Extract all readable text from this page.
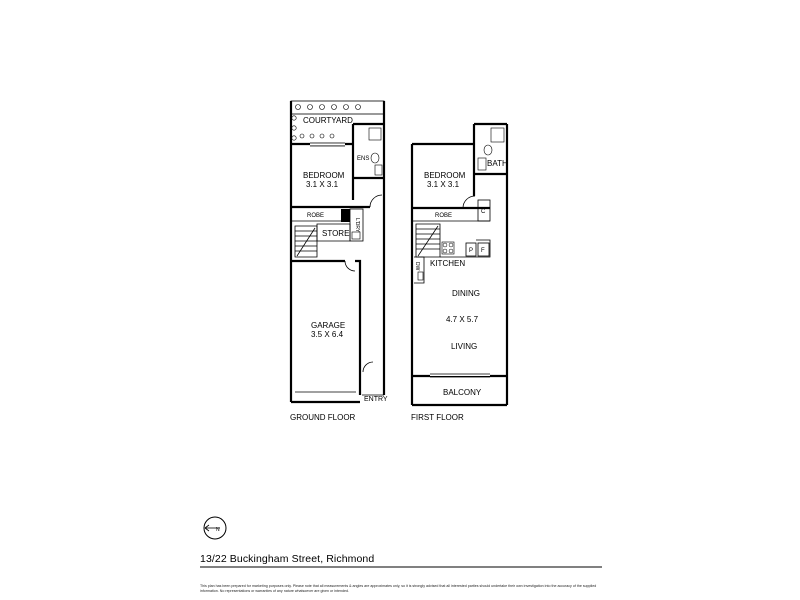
COURTYARD
ENS
BEDROOM
3.1 X 3.1
ROBE
STORE
L'DRY
GARAGE
3.5 X 6.4
ENTRY
GROUND FLOOR
BEDROOM
3.1 X 3.1
BATH
ROBE
C
P F
DW KITCHEN
DINING
4.7 X 5.7
LIVING
BALCONY
FIRST FLOOR
N
13/22 Buckingham Street, Richmond
This plan has been prepared for marketing purposes only. Please note that all measurements & angles are approximates only, so it is strongly advised that all interested parties should undertake their own investigation into the accuracy of the supplied information. No representations or warranties of any nature whatsoever are given or intended.
